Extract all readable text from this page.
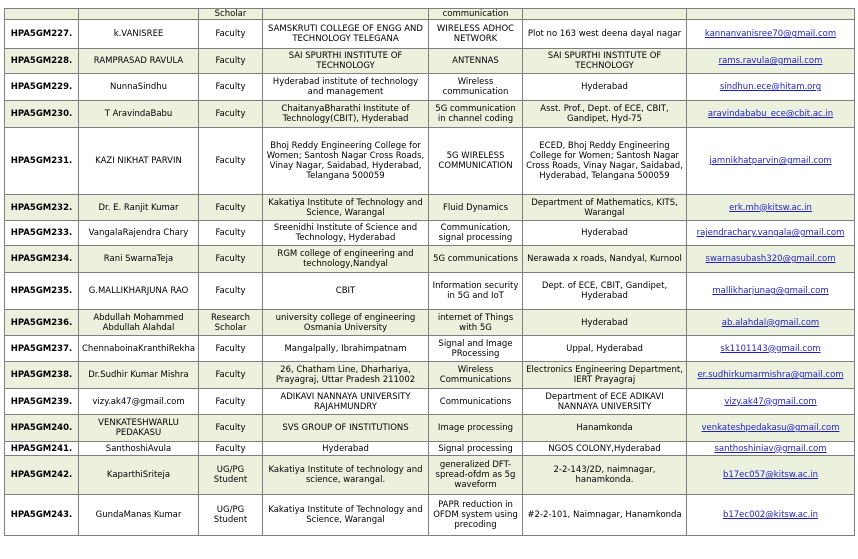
		Scholar		communication		
HPA5GM227.	k.VANISREE	Faculty	SAMSKRUTI COLLEGE OF ENGG AND TECHNOLOGY TELEGANA	WIRELESS ADHOC NETWORK	Plot no 163 west deena dayal nagar	kannanvanisree70@gmail.com
HPA5GM228.	RAMPRASAD RAVULA	Faculty	SAI SPURTHI INSTITUTE OF TECHNOLOGY	ANTENNAS	SAI SPURTHI INSTITUTE OF TECHNOLOGY	rams.ravula@gmail.com
HPA5GM229.	NunnaSindhu	Faculty	Hyderabad institute of technology and management	Wireless communication	Hyderabad	sindhun.ece@hitam.org
HPA5GM230.	T AravindaBabu	Faculty	ChaitanyaBharathi Institute of Technology(CBIT), Hyderabad	5G communication in channel coding	Asst. Prof., Dept. of ECE, CBIT, Gandipet, Hyd-75	aravindababu_ece@cbit.ac.in
HPA5GM231.	KAZI NIKHAT PARVIN	Faculty	Bhoj Reddy Engineering College for Women; Santosh Nagar Cross Roads, Vinay Nagar, Saidabad, Hyderabad, Telangana 500059	5G WIRELESS COMMUNICATION	ECED, Bhoj Reddy Engineering College for Women; Santosh Nagar Cross Roads, Vinay Nagar, Saidabad, Hyderabad, Telangana 500059	jamnikhatparvin@gmail.com
HPA5GM232.	Dr. E. Ranjit Kumar	Faculty	Kakatiya Institute of Technology and Science, Warangal	Fluid Dynamics	Department of Mathematics, KITS, Warangal	erk.mh@kitsw.ac.in
HPA5GM233.	VangalaRajendra Chary	Faculty	Sreenidhi Institute of Science and Technology, Hyderabad	Communication, signal processing	Hyderabad	rajendrachary.vangala@gmail.com
HPA5GM234.	Rani SwarnaTeja	Faculty	RGM college of engineering and technology,Nandyal	5G communications	Nerawada x roads, Nandyal, Kurnool	swarnasubash320@gmail.com
HPA5GM235.	G.MALLIKHARJUNA RAO	Faculty	CBIT	Information security in 5G and IoT	Dept. of ECE, CBIT, Gandipet, Hyderabad	mallikharjunag@gmail.com
HPA5GM236.	Abdullah Mohammed Abdullah Alahdal	Research Scholar	university college of engineering Osmania University	internet of Things with 5G	Hyderabad	ab.alahdal@gmail.com
HPA5GM237.	ChennaboinaKranthiRekha	Faculty	Mangalpally, Ibrahimpatnam	Signal and Image PRocessing	Uppal, Hyderabad	sk1101143@gmail.com
HPA5GM238.	Dr.Sudhir Kumar Mishra	Faculty	26, Chatham Line, Dharhariya, Prayagraj, Uttar Pradesh 211002	Wireless Communications	Electronics Engineering Department, IERT Prayagraj	er.sudhirkumarmishra@gmail.com
HPA5GM239.	vizy.ak47@gmail.com	Faculty	ADIKAVI NANNAYA UNIVERSITY RAJAHMUNDRY	Communications	Department of ECE ADIKAVI NANNAYA UNIVERSITY	vizy.ak47@gmail.com
HPA5GM240.	VENKATESHWARLU PEDAKASU	Faculty	SVS GROUP OF INSTITUTIONS	Image processing	Hanamkonda	venkateshpedakasu@gmail.com
HPA5GM241.	SanthoshiAvula	Faculty	Hyderabad	Signal processing	NGOS COLONY,Hyderabad	santhoshiniav@gmail.com
HPA5GM242.	KaparthiSriteja	UG/PG Student	Kakatiya Institute of technology and science, warangal.	generalized DFT-spread-ofdm as 5g waveform	2-2-143/2D, naimnagar, hanamkonda.	b17ec057@kitsw.ac.in
HPA5GM243.	GundaManas Kumar	UG/PG Student	Kakatiya Institute of Technology and Science, Warangal	PAPR reduction in OFDM system using precoding	#2-2-101, Naimnagar, Hanamkonda	b17ec002@kitsw.ac.in
